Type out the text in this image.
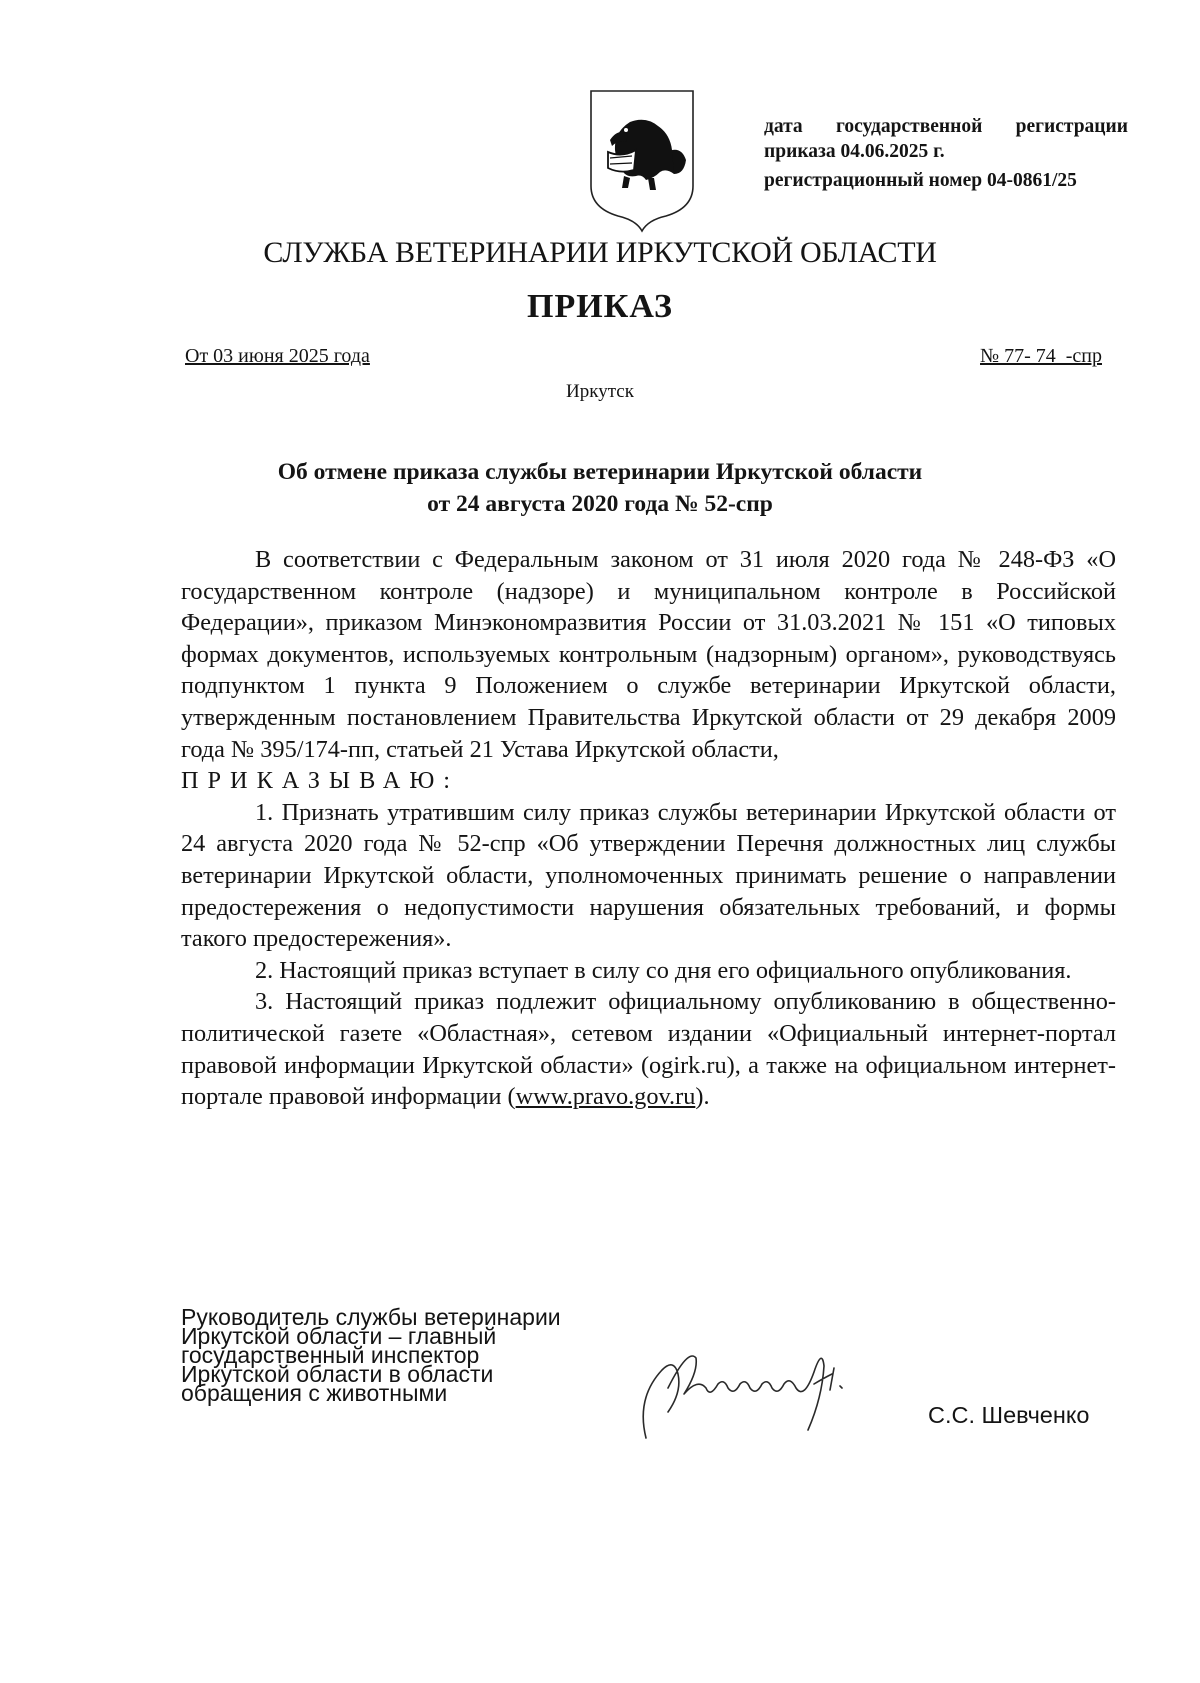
дата государственной регистрации
приказа 04.06.2025 г.
регистрационный номер 04-0861/25
СЛУЖБА ВЕТЕРИНАРИИ ИРКУТСКОЙ ОБЛАСТИ
ПРИКАЗ
От 03 июня 2025 года	№ 77- 74  -спр
Иркутск
Об отмене приказа службы ветеринарии Иркутской области
от 24 августа 2020 года № 52-спр

В соответствии с Федеральным законом от 31 июля 2020 года № 248-ФЗ «О государственном контроле (надзоре) и муниципальном контроле в Российской Федерации», приказом Минэкономразвития России от 31.03.2021 № 151 «О типовых формах документов, используемых контрольным (надзорным) органом», руководствуясь подпунктом 1 пункта 9 Положением о службе ветеринарии Иркутской области, утвержденным постановлением Правительства Иркутской области от 29 декабря 2009 года № 395/174-пп, статьей 21 Устава Иркутской области,

ПРИКАЗЫВАЮ:

1. Признать утратившим силу приказ службы ветеринарии Иркутской области от 24 августа 2020 года № 52-спр «Об утверждении Перечня должностных лиц службы ветеринарии Иркутской области, уполномоченных принимать решение о направлении предостережения о недопустимости нарушения обязательных требований, и формы такого предостережения».

2. Настоящий приказ вступает в силу со дня его официального опубликования.

3. Настоящий приказ подлежит официальному опубликованию в общественно-политической газете «Областная», сетевом издании «Официальный интернет-портал правовой информации Иркутской области» (ogirk.ru), а также на официальном интернет-портале правовой информации (www.pravo.gov.ru).

Руководитель службы ветеринарии
Иркутской области – главный
государственный инспектор
Иркутской области в области
обращения с животными
С.С. Шевченко
